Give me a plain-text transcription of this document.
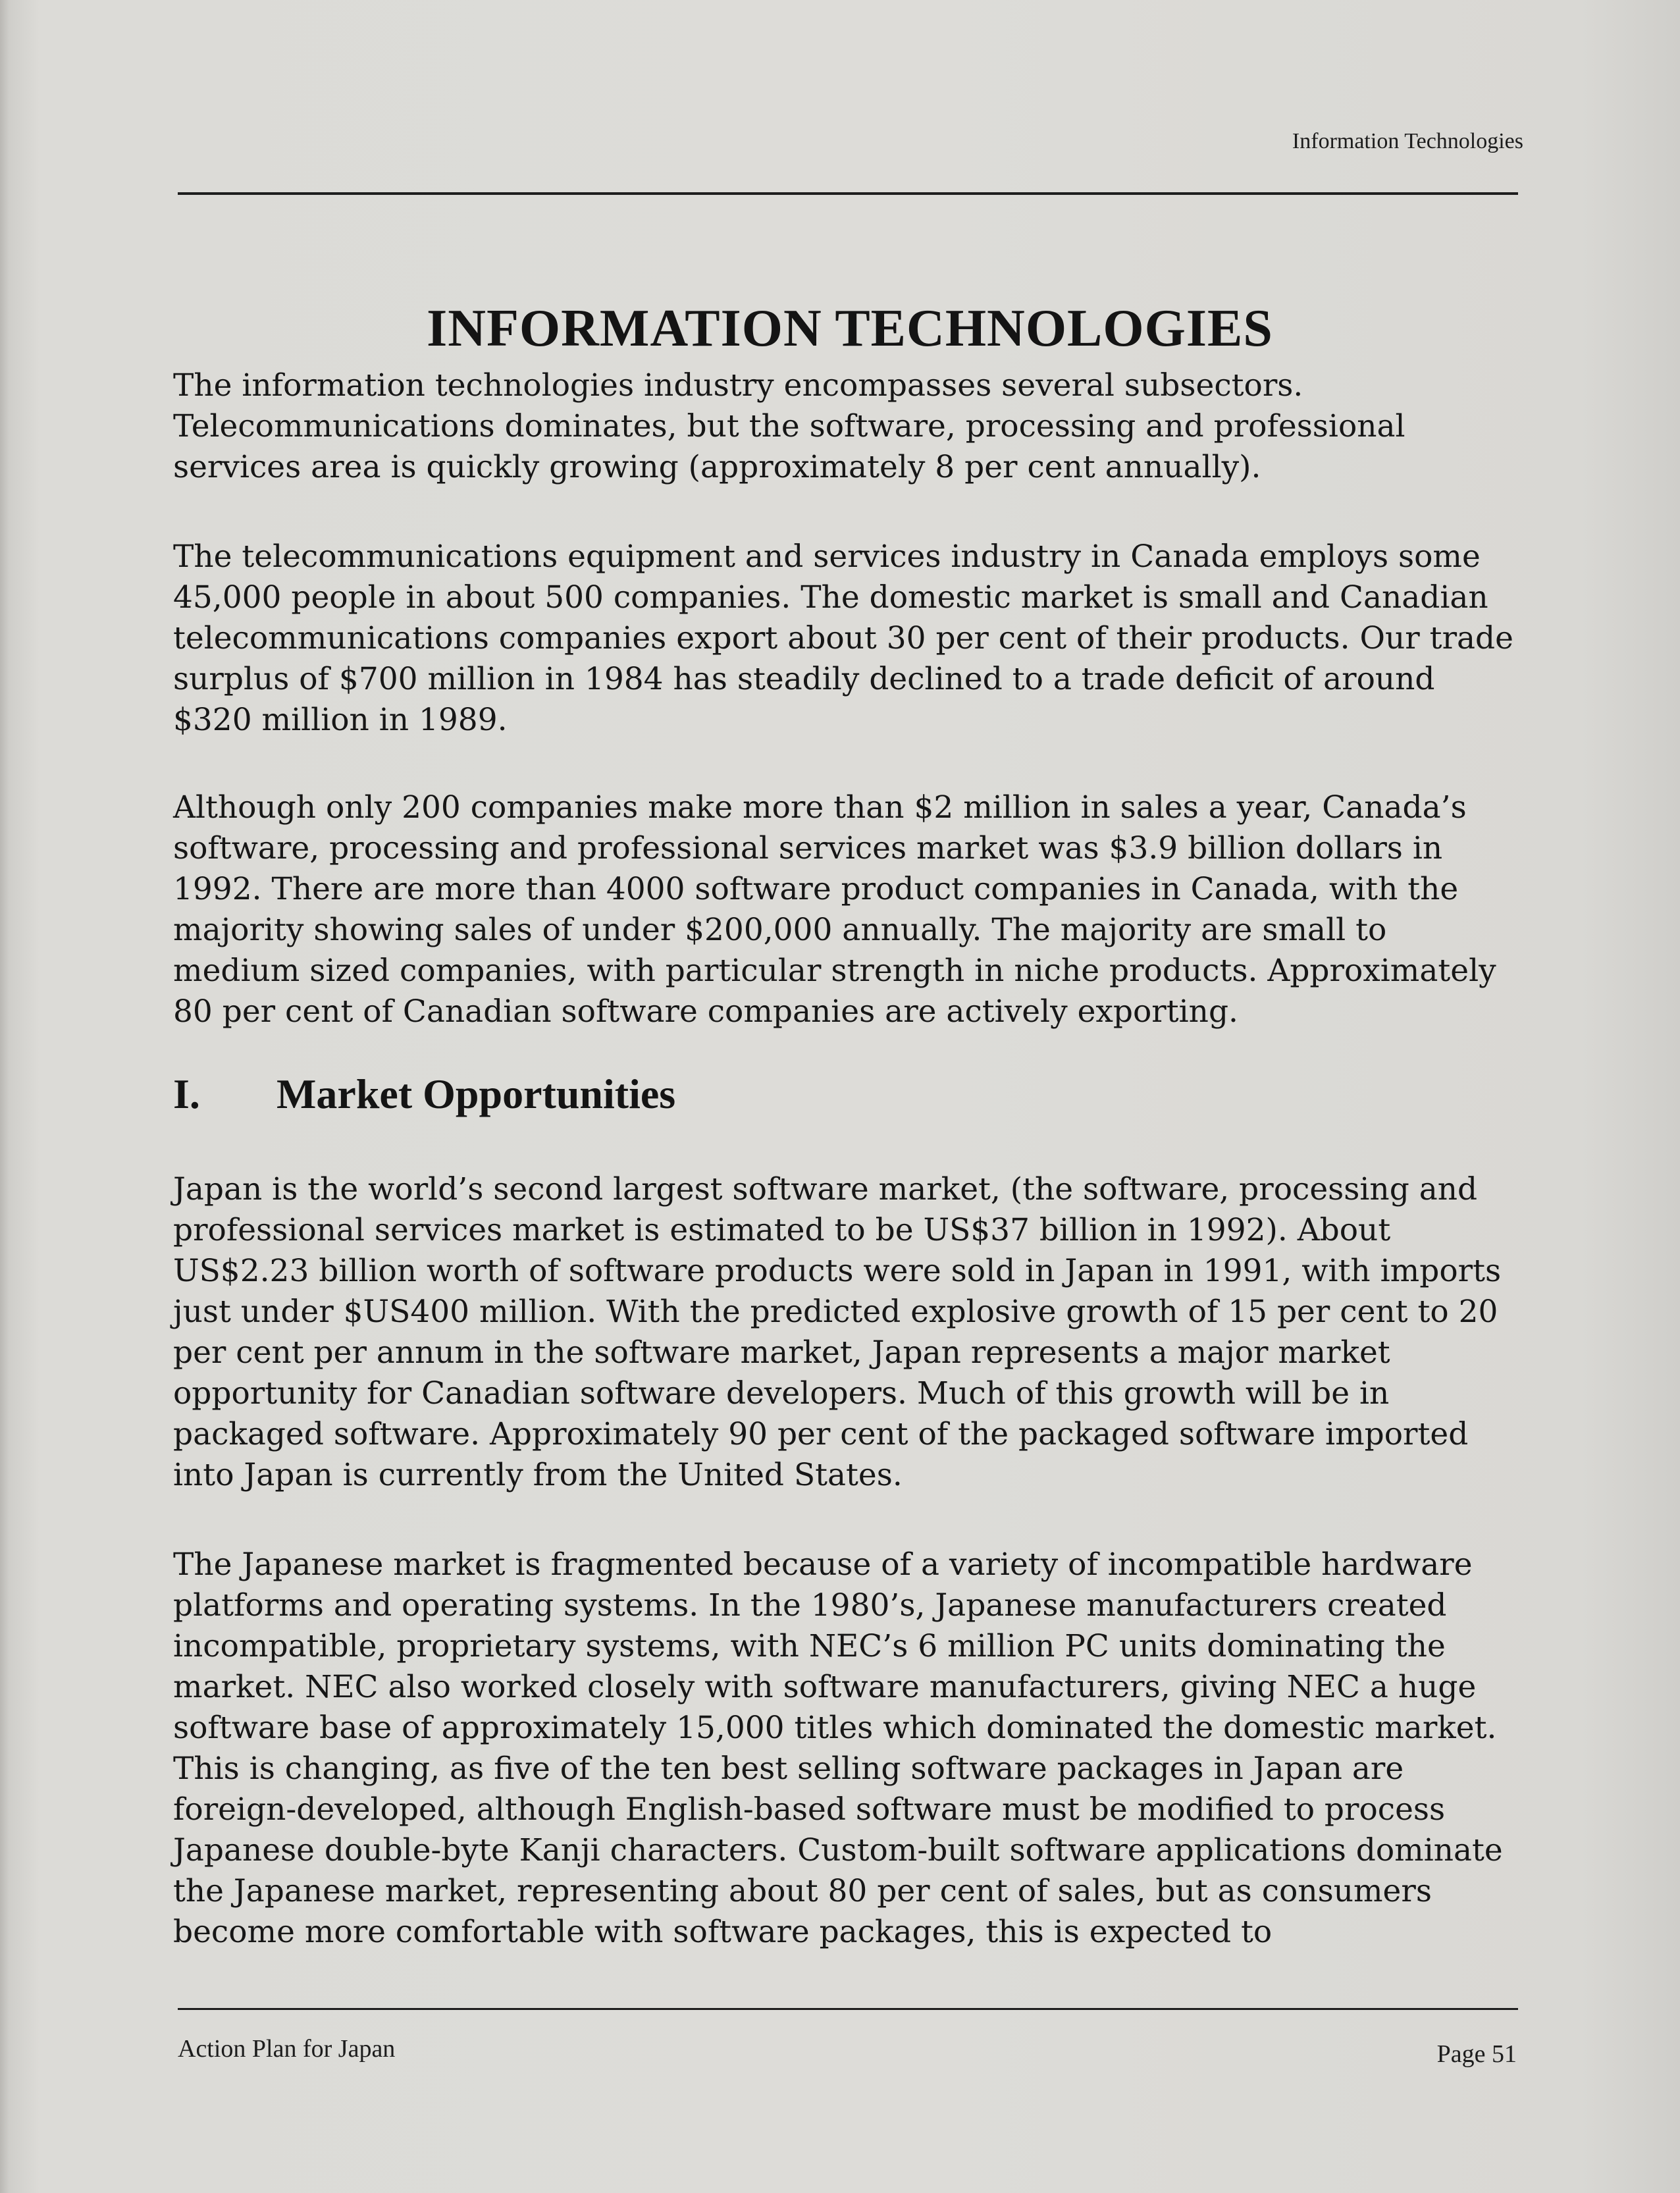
Information Technologies
INFORMATION TECHNOLOGIES

The information technologies industry encompasses several subsectors. Telecommunications dominates, but the software, processing and professional services area is quickly growing (approximately 8 per cent annually).

The telecommunications equipment and services industry in Canada employs some 45,000 people in about 500 companies. The domestic market is small and Canadian telecommunications companies export about 30 per cent of their products. Our trade surplus of $700 million in 1984 has steadily declined to a trade deficit of around $320 million in 1989.

Although only 200 companies make more than $2 million in sales a year, Canada’s software, processing and professional services market was $3.9 billion dollars in 1992. There are more than 4000 software product companies in Canada, with the majority showing sales of under $200,000 annually. The majority are small to medium sized companies, with particular strength in niche products. Approximately 80 per cent of Canadian software companies are actively exporting.

I. Market Opportunities

Japan is the world’s second largest software market, (the software, processing and professional services market is estimated to be US$37 billion in 1992). About US$2.23 billion worth of software products were sold in Japan in 1991, with imports just under $US400 million. With the predicted explosive growth of 15 per cent to 20 per cent per annum in the software market, Japan represents a major market opportunity for Canadian software developers. Much of this growth will be in packaged software. Approximately 90 per cent of the packaged software imported into Japan is currently from the United States.

The Japanese market is fragmented because of a variety of incompatible hardware platforms and operating systems. In the 1980’s, Japanese manufacturers created incompatible, proprietary systems, with NEC’s 6 million PC units dominating the market. NEC also worked closely with software manufacturers, giving NEC a huge software base of approximately 15,000 titles which dominated the domestic market. This is changing, as five of the ten best selling software packages in Japan are foreign-developed, although English-based software must be modified to process Japanese double-byte Kanji characters. Custom-built software applications dominate the Japanese market, representing about 80 per cent of sales, but as consumers become more comfortable with software packages, this is expected to

Action Plan for Japan	Page 51
